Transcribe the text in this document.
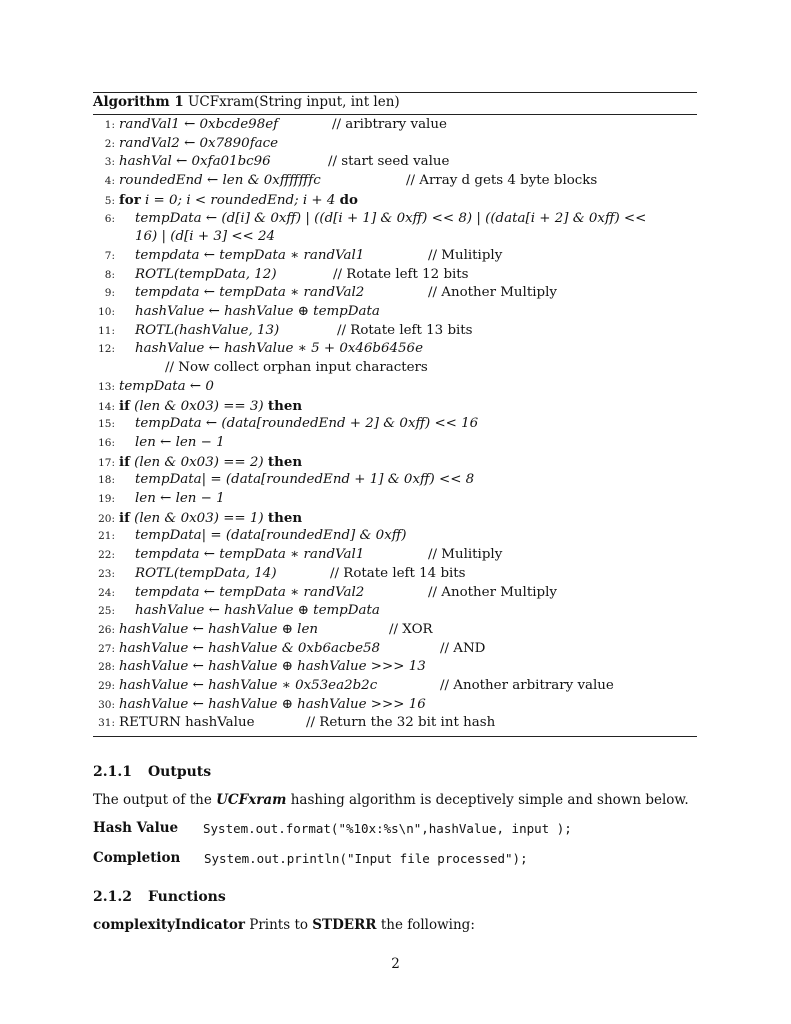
Algorithm 1 UCFxram(String input, int len)
1: randVal1 ← 0xbcde98ef	// aribtrary value
2: randVal2 ← 0x7890face
3: hashVal ← 0xfa01bc96	// start seed value
4: roundedEnd ← len & 0xfffffffc	// Array d gets 4 byte blocks
5: for i = 0; i < roundedEnd; i + 4 do
6: tempData ← (d[i] & 0xff) | ((d[i + 1] & 0xff) << 8) | ((data[i + 2] & 0xff) <<
16) | (d[i + 3] << 24
7: tempdata ← tempData ∗ randVal1	// Mulitiply
8: ROTL(tempData, 12)	// Rotate left 12 bits
9: tempdata ← tempData ∗ randVal2	// Another Multiply
10: hashValue ← hashValue ⊕ tempData
11: ROTL(hashValue, 13)	// Rotate left 13 bits
12: hashValue ← hashValue ∗ 5 + 0x46b6456e
// Now collect orphan input characters
13: tempData ← 0
14: if (len & 0x03) == 3) then
15: tempData ← (data[roundedEnd + 2] & 0xff) << 16
16: len ← len − 1
17: if (len & 0x03) == 2) then
18: tempData| = (data[roundedEnd + 1] & 0xff) << 8
19: len ← len − 1
20: if (len & 0x03) == 1) then
21: tempData| = (data[roundedEnd] & 0xff)
22: tempdata ← tempData ∗ randVal1	// Mulitiply
23: ROTL(tempData, 14)	// Rotate left 14 bits
24: tempdata ← tempData ∗ randVal2	// Another Multiply
25: hashValue ← hashValue ⊕ tempData
26: hashValue ← hashValue ⊕ len	// XOR
27: hashValue ← hashValue & 0xb6acbe58	// AND
28: hashValue ← hashValue ⊕ hashValue >>> 13
29: hashValue ← hashValue ∗ 0x53ea2b2c	// Another arbitrary value
30: hashValue ← hashValue ⊕ hashValue >>> 16
31: RETURN hashValue	// Return the 32 bit int hash
2.1.1 Outputs
The output of the UCFxram hashing algorithm is deceptively simple and shown below.
Hash Value System.out.format("%10x:%s\n",hashValue, input );
Completion System.out.println("Input file processed");
2.1.2 Functions
complexityIndicator Prints to STDERR the following:
2
